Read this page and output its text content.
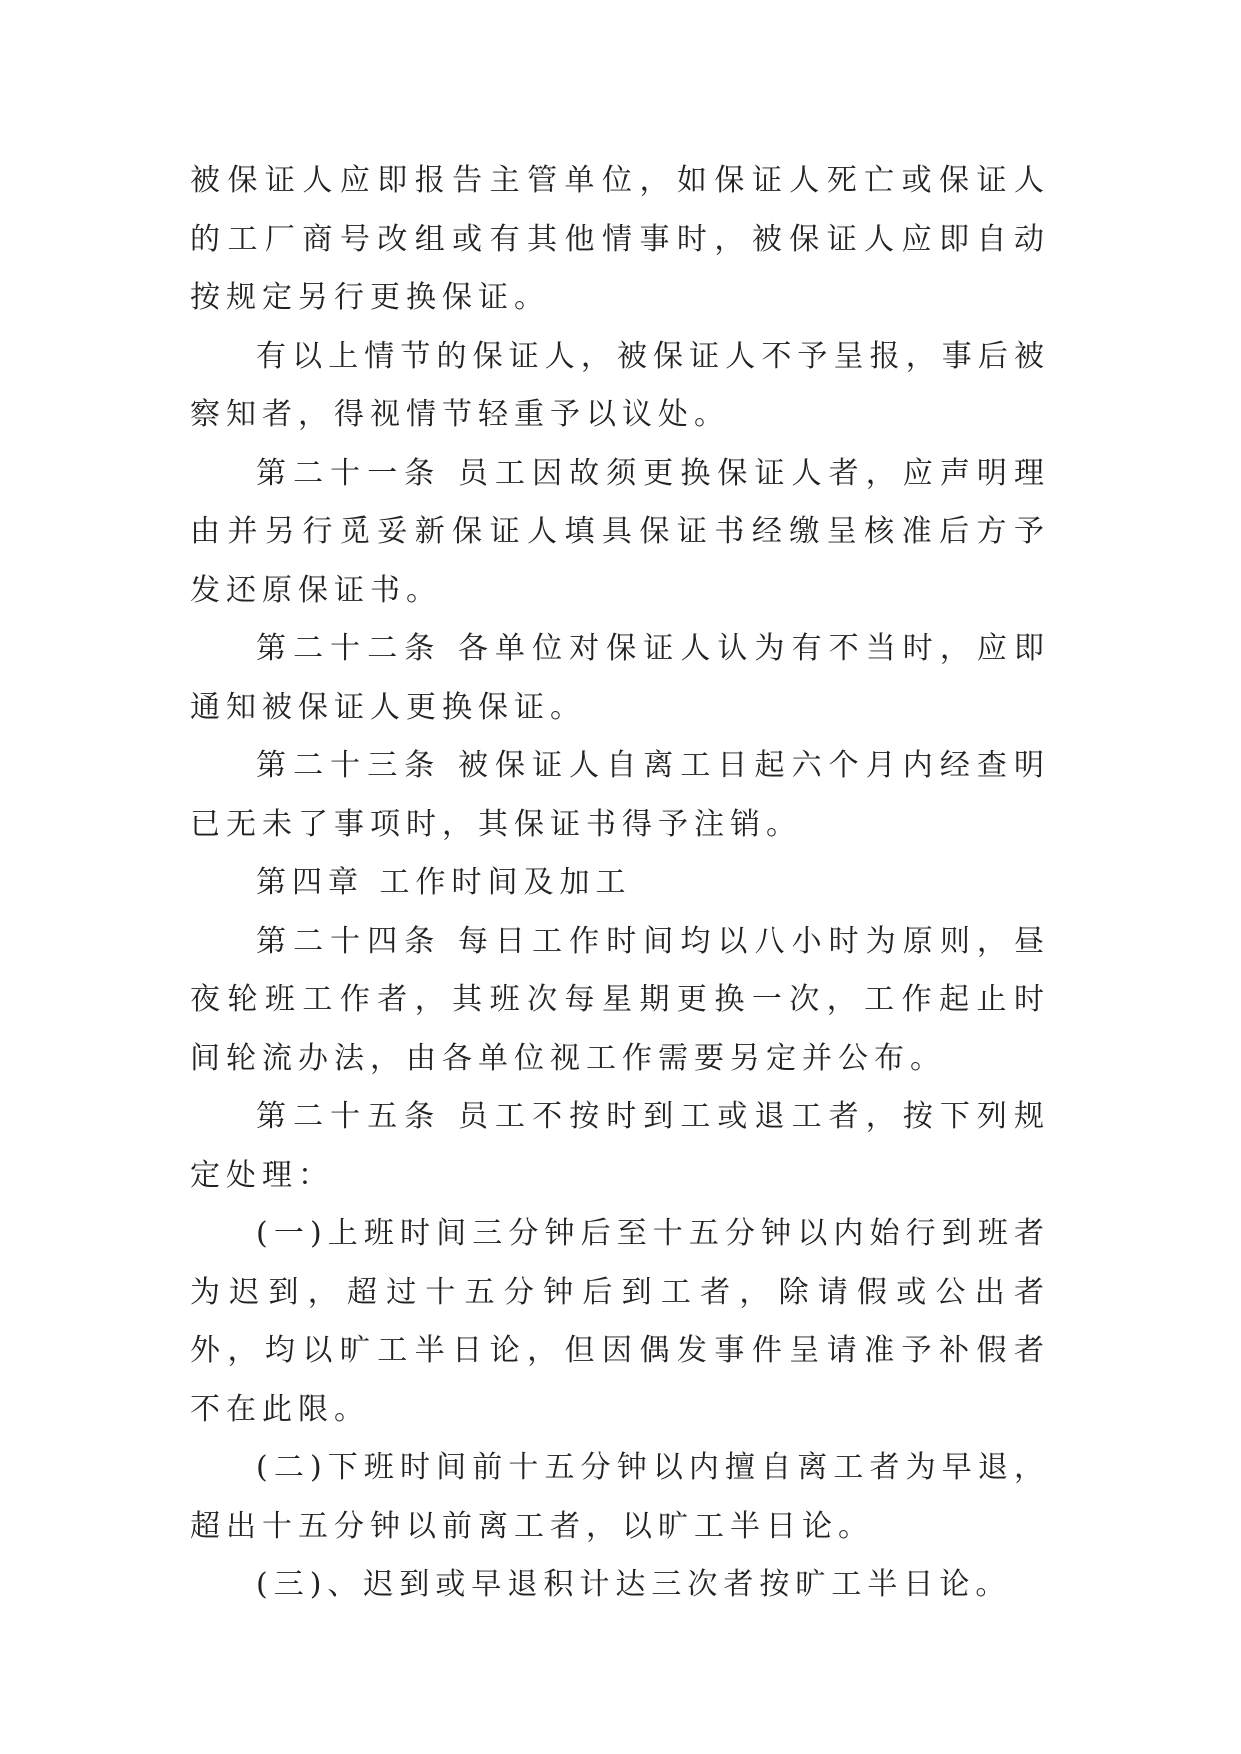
被保证人应即报告主管单位，如保证人死亡或保证人的工厂商号改组或有其他情事时，被保证人应即自动按规定另行更换保证。

有以上情节的保证人，被保证人不予呈报，事后被察知者，得视情节轻重予以议处。

第二十一条 员工因故须更换保证人者，应声明理由并另行觅妥新保证人填具保证书经缴呈核准后方予发还原保证书。

第二十二条 各单位对保证人认为有不当时，应即通知被保证人更换保证。

第二十三条 被保证人自离工日起六个月内经查明已无未了事项时，其保证书得予注销。

第四章 工作时间及加工

第二十四条 每日工作时间均以八小时为原则，昼夜轮班工作者，其班次每星期更换一次，工作起止时间轮流办法，由各单位视工作需要另定并公布。

第二十五条 员工不按时到工或退工者，按下列规定处理：

(一)上班时间三分钟后至十五分钟以内始行到班者为迟到，超过十五分钟后到工者，除请假或公出者外，均以旷工半日论，但因偶发事件呈请准予补假者不在此限。

(二)下班时间前十五分钟以内擅自离工者为早退，超出十五分钟以前离工者，以旷工半日论。

(三)、迟到或早退积计达三次者按旷工半日论。
